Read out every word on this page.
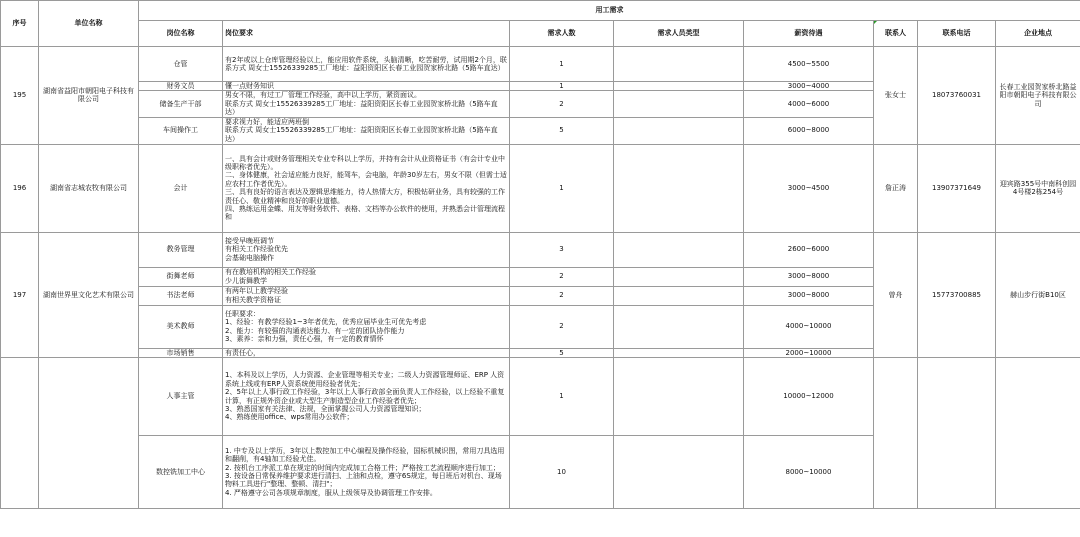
序号	单位名称	用工需求							
		岗位名称	岗位要求	需求人数	需求人员类型	薪资待遇	联系人	联系电话	企业地点
195	湖南省益阳市朝阳电子科技有限公司	仓管	有2年或以上仓库管理经验以上，能应用软件系统，头脑清晰，吃苦耐劳，试用期2个月，联系方式 周女士15526339285工厂地址：益阳资阳区长春工业园贺家桥北路（5路车直达）	1		4500~5500	张女士	18073760031	长春工业园贺家桥北路益阳市朝阳电子科技有限公司
		财务文员	懂一点财务知识	1		3000~4000			
		储备生产干部	男女不限，有过工厂管理工作经验，高中以上学历，紧资面议。
联系方式 周女士15526339285工厂地址：益阳资阳区长春工业园贺家桥北路（5路车直达）	2		4000~6000			
		车间操作工	要求视力好，能适应两班倒
联系方式 周女士15526339285工厂地址：益阳资阳区长春工业园贺家桥北路（5路车直达）	5		6000~8000			
196	湖南省志城农牧有限公司	会计	一、具有会计或财务管理相关专业专科以上学历，并持有会计从业资格证书（有会计专业中级职称者优先）。
二、身体健康，社会适应能力良好，能驾车，会电脑，年龄30岁左右，男女不限（但需士适应农村工作者优先）。
三、具有良好的语言表达及逻辑思维能力，待人热情大方，积极钻研业务，具有较强的工作责任心、敬业精神和良好的职业道德。
四、熟练运用金蝶、用友等财务软件、表格、文档等办公软件的使用，并熟悉会计管理流程和	1		3000~4500	詹正涛	13907371649	迎宾路355号中南科创园4号楼2栋254号
197	湖南世界里文化艺术有限公司	教务管理	接受早晚班调节
有相关工作经验优先
会基础电脑操作	3		2600~6000	曾舟	15773700885	赫山步行街B10区
		街舞老师	有在教培机构的相关工作经验
少儿街舞教学	2		3000~8000			
		书法老师	有两年以上教学经验
有相关教学资格证	2		3000~8000			
		美术教师	任职要求：
1、经验：有教学经验1~3年者优先，优秀应届毕业生可优先考虑
2、能力：有较强的沟通表达能力、有一定的团队协作能力
3、素养：亲和力强，责任心强，有一定的教育情怀	2		4000~10000			
		市场销售	有责任心，	5		2000~10000			
		人事主管	1、本科及以上学历，人力资源、企业管理等相关专业；二级人力资源管理师证、ERP 人资系统上线或有ERP人资系统使用经验者优先；
2、5年以上人事行政工作经验，3年以上人事行政部全面负责人工作经验，以上经验不重复计算，有正规外资企业或大型生产制造型企业工作经验者优先；
3、熟悉国家有关法律、法规，全面掌握公司人力资源管理知识；
4、熟练使用office、wps常用办公软件；	1		10000~12000			
		数控铣加工中心	1. 中专及以上学历，3年以上数控加工中心编程及操作经验，国标机械识图，常用刀具选用和翻削，有4轴加工经验尤佳。
2. 按机台工序派工单在规定的时间内完成加工合格工件；严格按工艺流程顺序进行加工；
3. 按设备日常保养维护要求进行清扫、上油和点检，遵守6S规定，每日班后对机台、现场物料工具进行"整理、整顿、清扫"；
4. 严格遵守公司各项规章制度，服从上级领导及协调管理工作安排。	10		8000~10000			
